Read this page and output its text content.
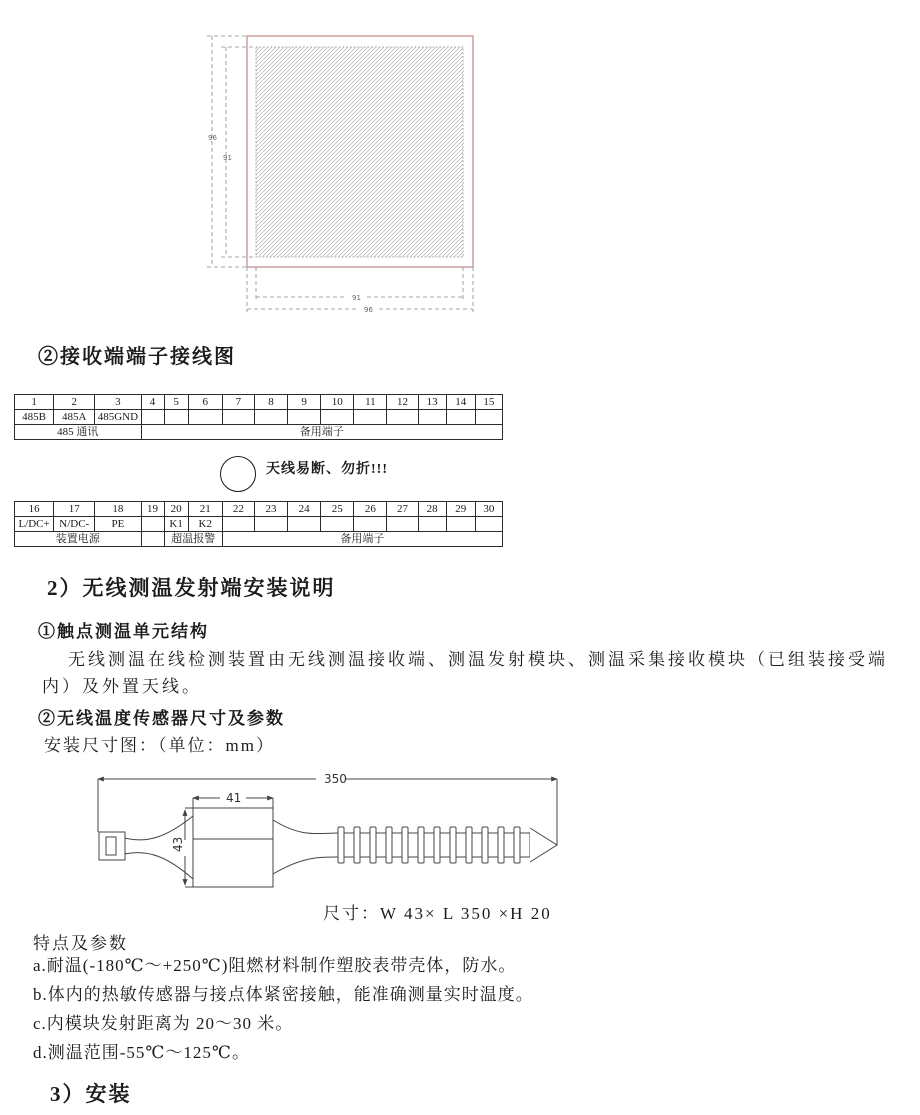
96
91
91
96
②接收端端子接线图
1	2	3	4	5	6	7	8	9	10	11	12	13	14	15
485B	485A	485GND												
485 通讯			备用端子											
天线易断、勿折!!!
16	17	18	19	20	21	22	23	24	25	26	27	28	29	30
L/DC+	N/DC-	PE		K1	K2									
装置电源				超温报警		备用端子								
2）无线测温发射端安装说明
①触点测温单元结构
无线测温在线检测装置由无线测温接收端、测温发射模块、测温采集接收模块（已组装接受端内）及外置天线。
②无线温度传感器尺寸及参数
安装尺寸图：（单位：mm）
350
41
43
尺寸：W 43× L 350 ×H 20
特点及参数
a.耐温(-180℃～+250℃)阻燃材料制作塑胶表带壳体，防水。
b.体内的热敏传感器与接点体紧密接触，能准确测量实时温度。
c.内模块发射距离为 20～30 米。
d.测温范围-55℃～125℃。
3）安装
